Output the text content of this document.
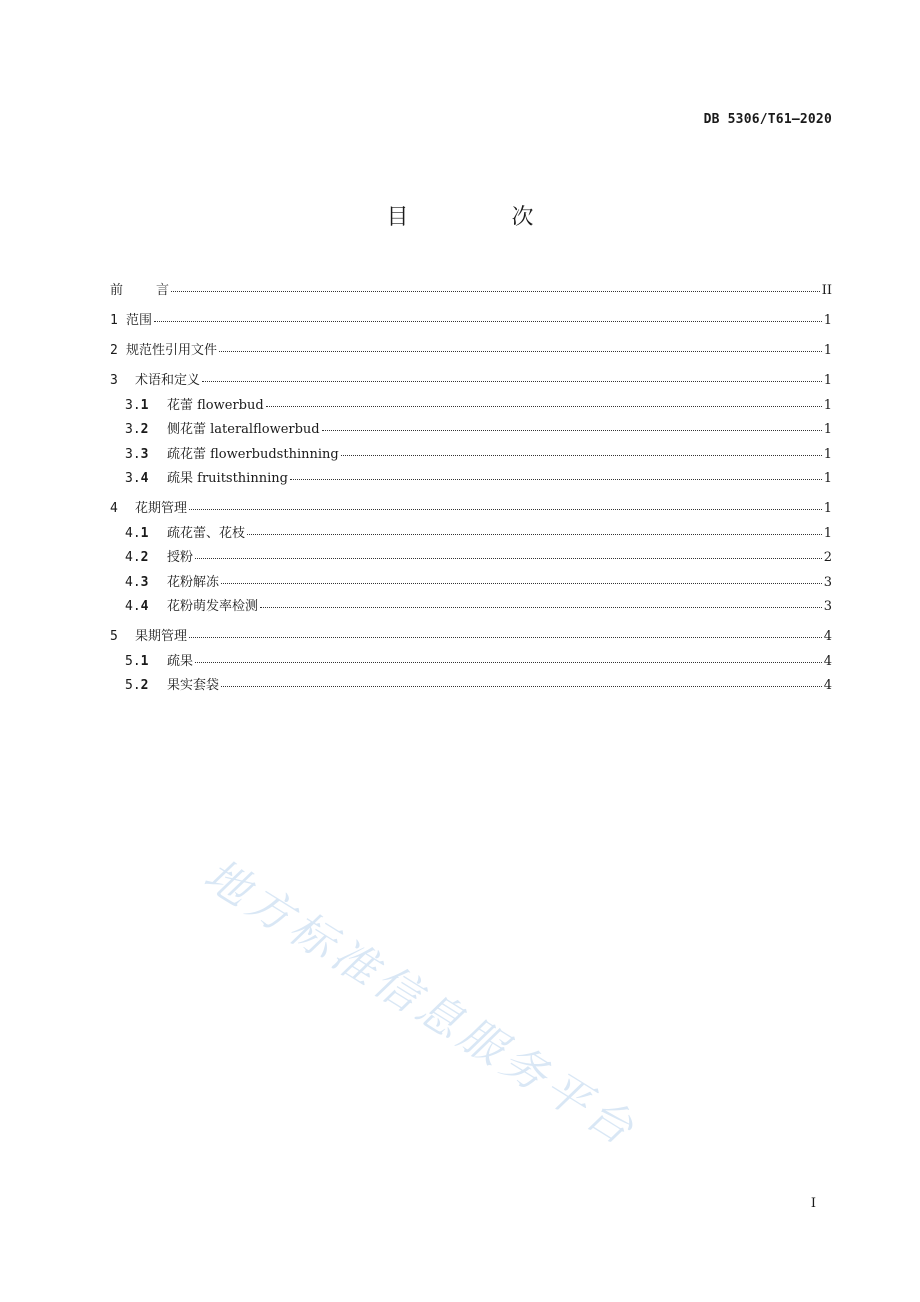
DB 5306/T61—2020
目 次
前        言	II
1 范围	1
2 规范性引用文件	1
3	术语和定义	1
3.1	花蕾 flowerbud	1
3.2	侧花蕾 lateralflowerbud	1
3.3	疏花蕾 flowerbudsthinning	1
3.4	疏果 fruitsthinning	1
4	花期管理	1
4.1	疏花蕾、花枝	1
4.2	授粉	2
4.3	花粉解冻	3
4.4	花粉萌发率检测	3
5	果期管理	4
5.1	疏果	4
5.2	果实套袋	4
地方标准信息服务平台
I
